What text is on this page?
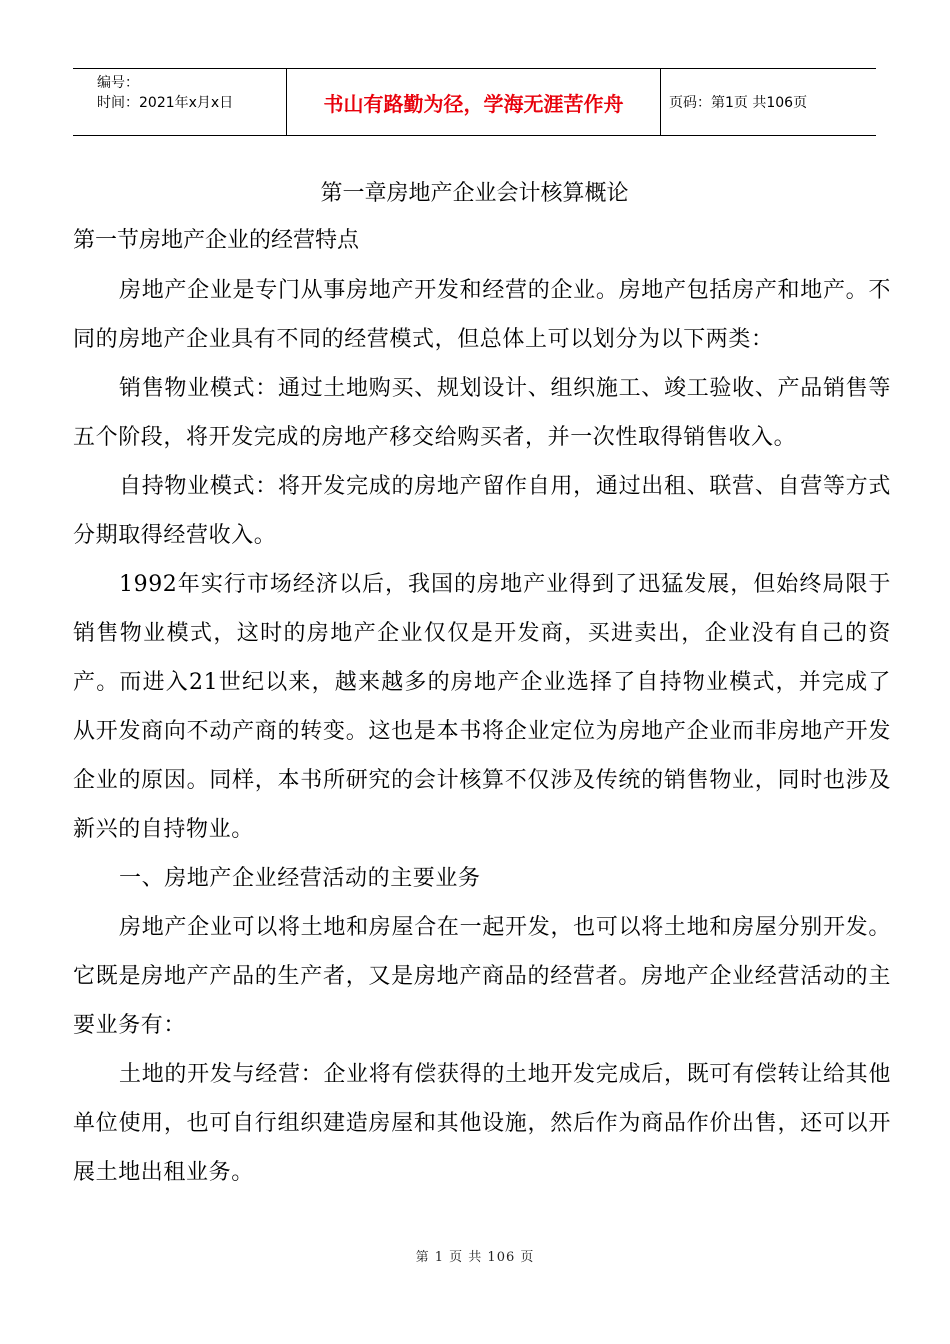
编号：
时间：2021年x月x日	书山有路勤为径，学海无涯苦作舟	页码：第1页 共106页

第一章房地产企业会计核算概论

第一节房地产企业的经营特点

房地产企业是专门从事房地产开发和经营的企业。房地产包括房产和地产。不同的房地产企业具有不同的经营模式，但总体上可以划分为以下两类：

销售物业模式：通过土地购买、规划设计、组织施工、竣工验收、产品销售等五个阶段，将开发完成的房地产移交给购买者，并一次性取得销售收入。

自持物业模式：将开发完成的房地产留作自用，通过出租、联营、自营等方式分期取得经营收入。

1992年实行市场经济以后，我国的房地产业得到了迅猛发展，但始终局限于销售物业模式，这时的房地产企业仅仅是开发商，买进卖出，企业没有自己的资产。而进入21世纪以来，越来越多的房地产企业选择了自持物业模式，并完成了从开发商向不动产商的转变。这也是本书将企业定位为房地产企业而非房地产开发企业的原因。同样，本书所研究的会计核算不仅涉及传统的销售物业，同时也涉及新兴的自持物业。

一、房地产企业经营活动的主要业务

房地产企业可以将土地和房屋合在一起开发，也可以将土地和房屋分别开发。它既是房地产产品的生产者，又是房地产商品的经营者。房地产企业经营活动的主要业务有：

土地的开发与经营：企业将有偿获得的土地开发完成后，既可有偿转让给其他单位使用，也可自行组织建造房屋和其他设施，然后作为商品作价出售，还可以开展土地出租业务。

第 1 页 共 106 页
